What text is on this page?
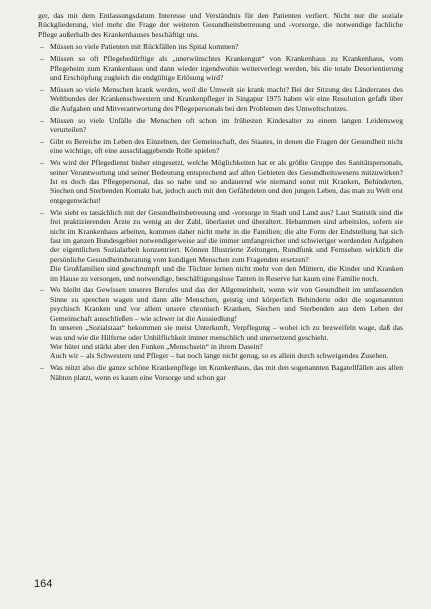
ger, das mit dem Entlassungsdatum Interesse und Verständnis für den Patienten verliert. Nicht nur die soziale Rückgliederung, viel mehr die Frage der weiteren Gesundheitsbetreuung und -vorsorge, die notwendige fachliche Pflege außerhalb des Krankenhauses beschäftigt uns.

– Müssen so viele Patienten mit Rückfällen ins Spital kommen?
– Müssen so oft Pflegebedürftige als „unerwünschtes Krankengut“ von Krankenhaus zu Krankenhaus, vom Pflegeheim zum Krankenhaus und dann wieder irgendwohin weiterverlegt werden, bis die totale Desorientierung und Erschöpfung zugleich die endgültige Erlösung wird?
– Müssen so viele Menschen krank werden, weil die Umwelt sie krank macht? Bei der Sitzung des Länderrates des Weltbundes der Krankenschwestern und Krankenpfleger in Singapur 1975 haben wir eine Resolution gefaßt über die Aufgaben und Mitverantwortung des Pflegepersonals bei den Problemen des Umweltschutzes.
– Müssen so viele Unfälle die Menschen oft schon im frühesten Kindesalter zu einem langen Leidensweg verurteilen?
– Gibt es Bereiche im Leben des Einzelnen, der Gemeinschaft, des Staates, in denen die Fragen der Gesundheit nicht eine wichtige, oft eine ausschlaggebende Rolle spielen?
– Wo wird der Pflegedienst bisher eingesetzt, welche Möglichkeiten hat er als größte Gruppe des Sanitätspersonals, seiner Verantwortung und seiner Bedeutung entsprechend auf allen Gebieten des Gesundheitswesens mitzuwirken? Ist es doch das Pflegepersonal, das so nahe und so andauernd wie niemand sonst mit Kranken, Behinderten, Siechen und Sterbenden Kontakt hat, jedoch auch mit den Gefährdeten und den jungen Leben, das man zu Welt erst entgegenwächst!
– Wie sieht es tatsächlich mit der Gesundheitsbetreuung und -vorsorge in Stadt und Land aus? Laut Statistik sind die frei praktizierenden Ärzte zu wenig an der Zahl, überlastet und überaltert. Hebammen sind arbeitslos, sofern sie nicht im Krankenhaus arbeiten, kommen daher nicht mehr in die Familien; die alte Form der Endstellung hat sich fast im ganzen Bundesgebiet notwendigerweise auf die immer umfangreicher und schwieriger werdenden Aufgaben der eigentlichen Sozialarbeit konzentriert. Können Illustrierte Zeitungen, Rundfunk und Fernsehen wirklich die persönliche Gesundheitsberatung vom kundigen Menschen zum Fragenden ersetzen?
Die Großfamilien sind geschrumpft und die Töchter lernen nicht mehr von den Müttern, die Kinder und Kranken im Hause zu versorgen, und notwendige, beschäftigungslose Tanten in Reserve hat kaum eine Familie noch.
– Wo bleibt das Gewissen unseres Berufes und das der Allgemeinheit, wenn wir von Gesundheit im umfassenden Sinne zu sprechen wagen und dann alle Menschen, geistig und körperlich Behinderte oder die sogenannten psychisch Kranken und vor allem unsere chronisch Kranken, Siechen und Sterbenden aus dem Leben der Gemeinschaft ausschließen – wie schwer ist die Aussiedlung!
In unseren „Sozialstaat“ bekommen sie meist Unterkunft, Verpflegung – wobei ich zu bezweifeln wage, daß das was und wie die Hilferne oder Unhilflichkeit immer menschlich und unersetzend geschieht.
Wer hütet und stärkt aber den Funken „Menschsein“ in ihrem Dasein?
Auch wir – als Schwestern und Pfleger – hat noch lange nicht genug, so es allein durch schweigendes Zusehen.
– Was nützt also die ganze schöne Krankenpflege im Krankenhaus, das mit den sogenannten Bagatellfällen aus allen Nähten platzt, wenn es kaum eine Vorsorge und schon gar
164
